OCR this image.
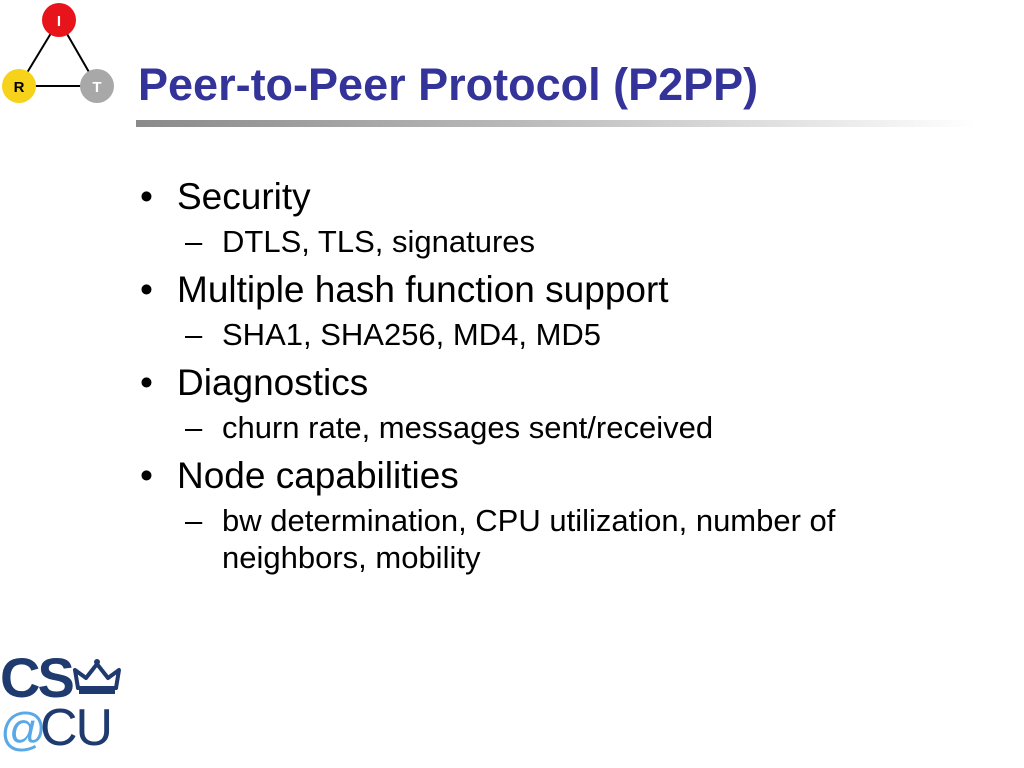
I
R	T Peer-to-Peer Protocol (P2PP)
• Security
– DTLS, TLS, signatures
• Multiple hash function support
– SHA1, SHA256, MD4, MD5
• Diagnostics
– churn rate, messages sent/received
• Node capabilities
– bw determination, CPU utilization, number of neighbors, mobility
CS
@
CU
